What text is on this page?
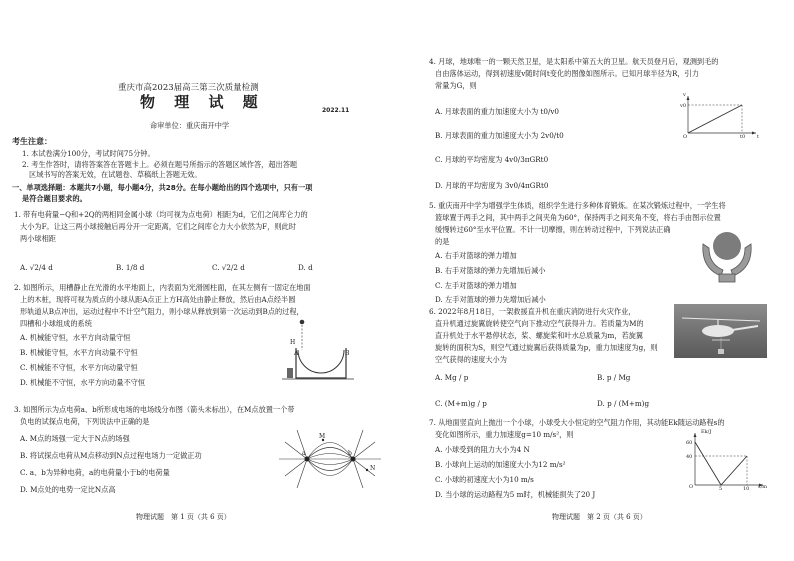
重庆市高2023届高三第三次质量检测
物 理 试 题	2022.11
命审单位：重庆南开中学
考生注意：
1. 本试卷满分100分，考试时间75分钟。
2. 考生作答时，请将答案答在答题卡上。必须在题号所指示的答题区域作答，超出答题
区域书写的答案无效，在试题卷、草稿纸上答题无效。
一、单项选择题：本题共7小题，每小题4分，共28分。在每小题给出的四个选项中，只有一项
是符合题目要求的。
1. 带有电荷量−Q和+2Q的两相同金属小球（均可视为点电荷）相距为d，它们之间库仑力的
大小为F。让这三两小球接触后再分开一定距离，它们之间库仑力大小依然为F，则此时
两小球相距
A. √2/4 d	B. 1/8 d	C. √2/2 d	D. d
2. 如图所示，用槽静止在光滑的水平地面上，内表面为光滑圆柱面，在其左侧有一固定在地面
上的木桩，现将可视为质点的小球从距A点正上方H高处由静止释放，然后由A点经半圆
形轨道从B点冲出，运动过程中不计空气阻力，则小球从释放到第一次运动到B点的过程，
四槽和小球组成的系统
A. 机械能守恒，水平方向动量守恒
B. 机械能守恒，水平方向动量不守恒
C. 机械能不守恒，水平方向动量守恒
D. 机械能不守恒，水平方向动量不守恒
H
A	B
3. 如图所示为点电荷a、b所形成电场的电场线分布图（箭头未标出），在M点放置一个带
负电的试探点电荷，下列说法中正确的是
A. M点的场强一定大于N点的场强
B. 将试探点电荷从M点移动到N点过程电场力一定做正功
C. a、b为异种电荷，a的电荷量小于b的电荷量
D. M点处的电势一定比N点高
M
a	b
N
物理试题　第 1 页（共 6 页）
4. 月球，地球唯一的一颗天然卫星，是太阳系中第五大的卫星。航天员登月后，观测到毛的
自由落体运动，得到初速度v随时间t变化的图像如图所示。已知月球半径为R，引力
常量为G，则
A. 月球表面的重力加速度大小为 t0/v0
B. 月球表面的重力加速度大小为 2v0/t0
C. 月球的平均密度为 4v0/3πGRt0
D. 月球的平均密度为 3v0/4πGRt0
v
v0
O	t0 t
5. 重庆南开中学为增强学生体质，组织学生进行多种体育锻炼。在某次锻炼过程中，一学生将
篮球置于两手之间，其中两手之间夹角为60°，保持两手之间夹角不变，将右手由图示位置
缓慢转过60°至水平位置。不计一切摩擦，则在转动过程中，下列说法正确
的是
A. 右手对篮球的弹力增加
B. 右手对篮球的弹力先增加后减小
C. 左手对篮球的弹力增加
D. 左手对篮球的弹力先增加后减小
6. 2022年8月18日，一架救援直升机在重庆消防进行火灾作业，
直升机通过旋翼旋转使空气向下推动空气获得升力。若质量为M的
直升机处于水平悬停状态，桨、螺旋桨和叶水总质量为m，若旋翼
旋转的面积为S，则空气通过旋翼后获得质量为p，重力加速度为g，则
空气获得的速度大小为
A. Mg / p	B. p / Mg
C. (M+m)g / p	D. p / (M+m)g
7. 从地面竖直向上抛出一个小球，小球受大小恒定的空气阻力作用，其动能Ek随运动路程s的
变化如图所示，重力加速度g=10 m/s²，则
A. 小球受到的阻力大小为4 N
B. 小球向上运动的加速度大小为12 m/s²
C. 小球的初速度大小为10 m/s
D. 当小球的运动路程为5 m时，机械能损失了20 J
Ek/J
60
40
O	5	10 s/m
物理试题　第 2 页（共 6 页）
